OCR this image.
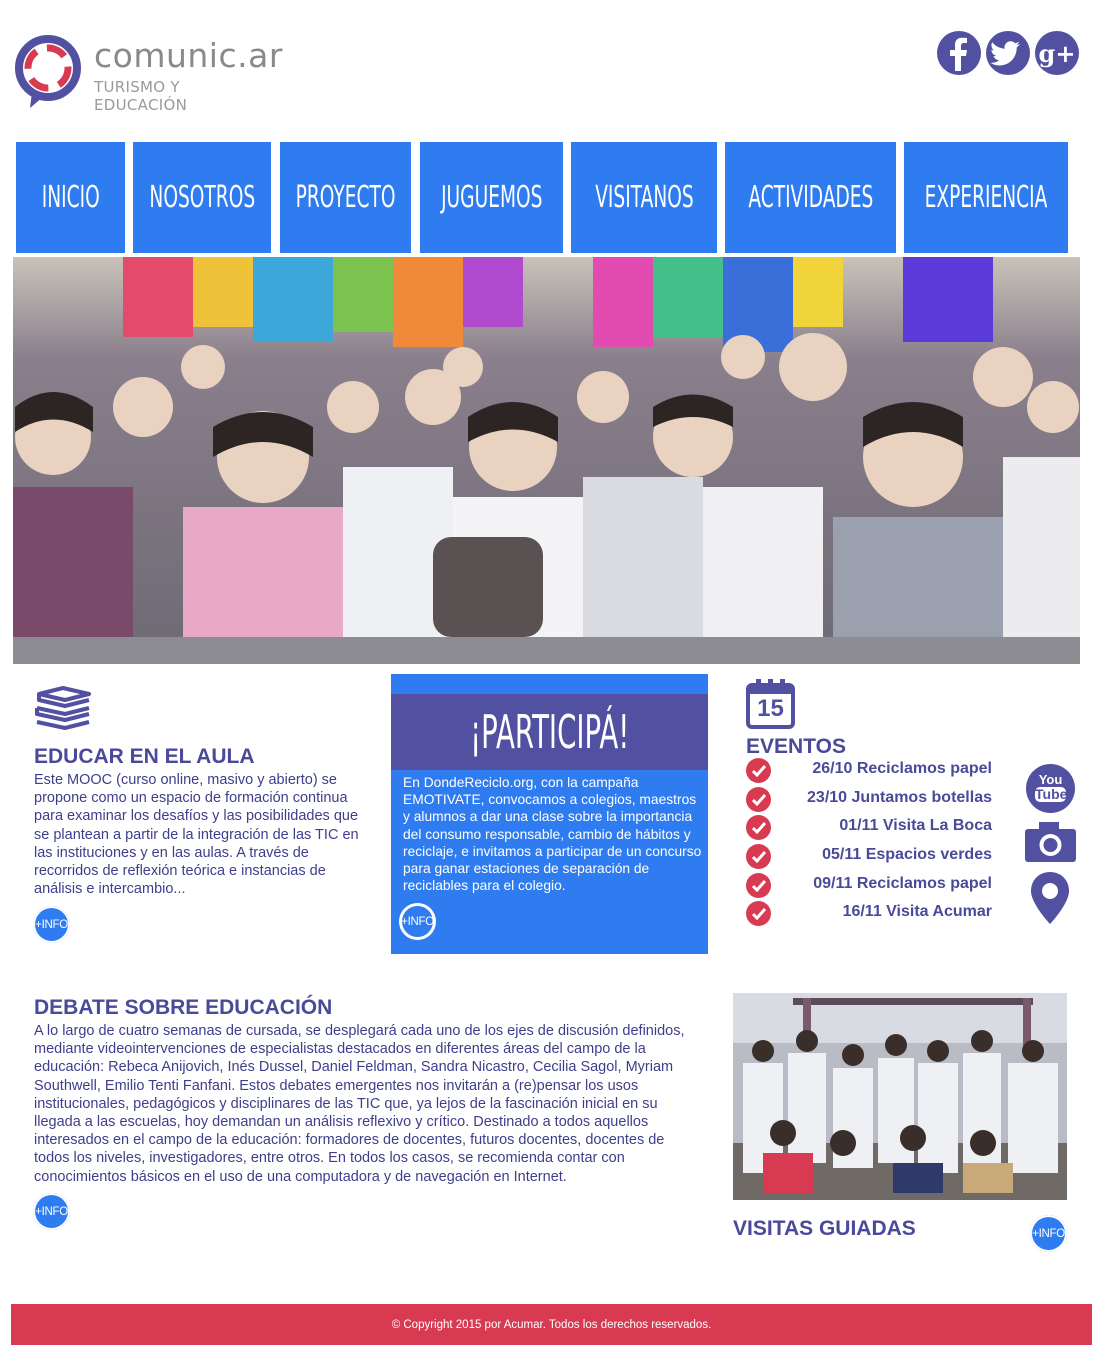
comunic.ar
TURISMO Y EDUCACIÓN
g+
INICIO NOSOTROS PROYECTO JUGUEMOS VISITANOS ACTIVIDADES EXPERIENCIA
EDUCAR EN EL AULA
Este MOOC (curso online, masivo y abierto) se propone como un espacio de formación continua para examinar los desafíos y las posibilidades que se plantean a partir de la integración de las TIC en las instituciones y en las aulas. A través de recorridos de reflexión teórica e instancias de análisis e intercambio...
+INFO
¡PARTICIPÁ!
En DondeReciclo.org, con la campaña EMOTIVATE, convocamos a colegios, maestros y alumnos a dar una clase sobre la importancia del consumo responsable, cambio de hábitos y reciclaje, e invitamos a participar de un concurso para ganar estaciones de separación de reciclables para el colegio.
+INFO
15
EVENTOS
26/10 Reciclamos papel
23/10 Juntamos botellas
01/11 Visita La Boca
05/11 Espacios verdes
09/11 Reciclamos papel
16/11 Visita Acumar
You
Tube
DEBATE SOBRE EDUCACIÓN
A lo largo de cuatro semanas de cursada, se desplegará cada uno de los ejes de discusión definidos, mediante videointervenciones de especialistas destacados en diferentes áreas del campo de la educación: Rebeca Anijovich, Inés Dussel, Daniel Feldman, Sandra Nicastro, Cecilia Sagol, Myriam Southwell, Emilio Tenti Fanfani. Estos debates emergentes nos invitarán a (re)pensar los usos institucionales, pedagógicos y disciplinares de las TIC que, ya lejos de la fascinación inicial en su llegada a las escuelas, hoy demandan un análisis reflexivo y crítico. Destinado a todos aquellos interesados en el campo de la educación: formadores de docentes, futuros docentes, docentes de todos los niveles, investigadores, entre otros. En todos los casos, se recomienda contar con conocimientos básicos en el uso de una computadora y de navegación en Internet.
+INFO
VISITAS GUIADAS	+INFO
© Copyright 2015 por Acumar. Todos los derechos reservados.
